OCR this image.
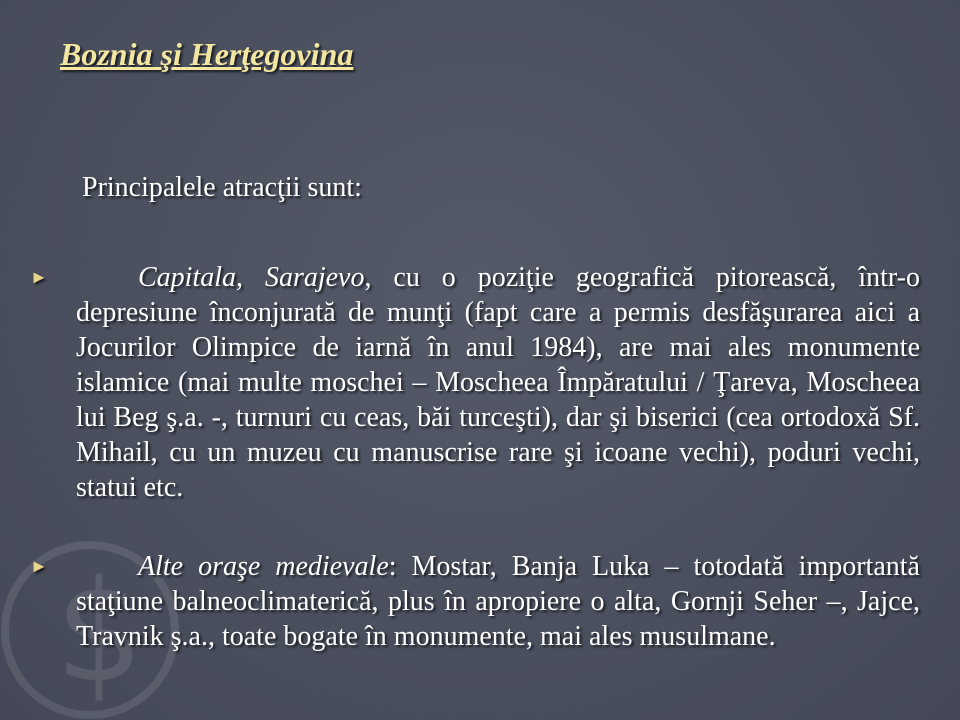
$
Boznia şi Herţegovina
Principalele atracţii sunt:
►	Capitala, Sarajevo, cu o poziţie geografică pitorească, într-o depresiune înconjurată de munţi (fapt care a permis desfăşurarea aici a Jocurilor Olimpice de iarnă în anul 1984), are mai ales monumente islamice (mai multe moschei – Moscheea Împăratului / Ţareva, Moscheea lui Beg ş.a. -, turnuri cu ceas, băi turceşti), dar şi biserici (cea ortodoxă Sf. Mihail, cu un muzeu cu manuscrise rare şi icoane vechi), poduri vechi, statui etc.
►	Alte oraşe medievale: Mostar, Banja Luka – totodată importantă staţiune balneoclimaterică, plus în apropiere o alta, Gornji Seher –, Jajce, Travnik ş.a., toate bogate în monumente, mai ales musulmane.
